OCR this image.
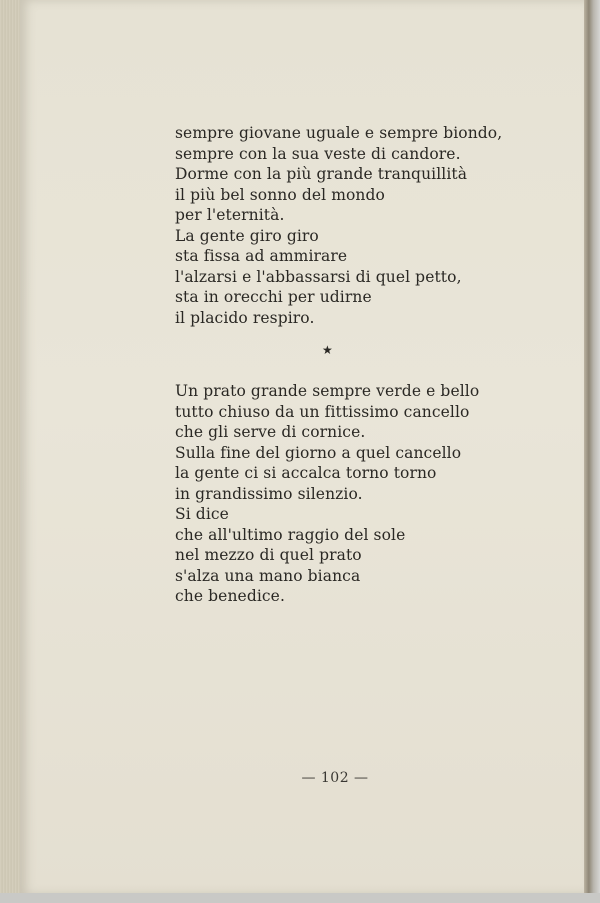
sempre giovane uguale e sempre biondo,
sempre con la sua veste di candore.
Dorme con la più grande tranquillità
il più bel sonno del mondo
per l'eternità.
La gente giro giro
sta fissa ad ammirare
l'alzarsi e l'abbassarsi di quel petto,
sta in orecchi per udirne
il placido respiro.
★
Un prato grande sempre verde e bello
tutto chiuso da un fittissimo cancello
che gli serve di cornice.
Sulla fine del giorno a quel cancello
la gente ci si accalca torno torno
in grandissimo silenzio.
Si dice
che all'ultimo raggio del sole
nel mezzo di quel prato
s'alza una mano bianca
che benedice.
— 102 —
